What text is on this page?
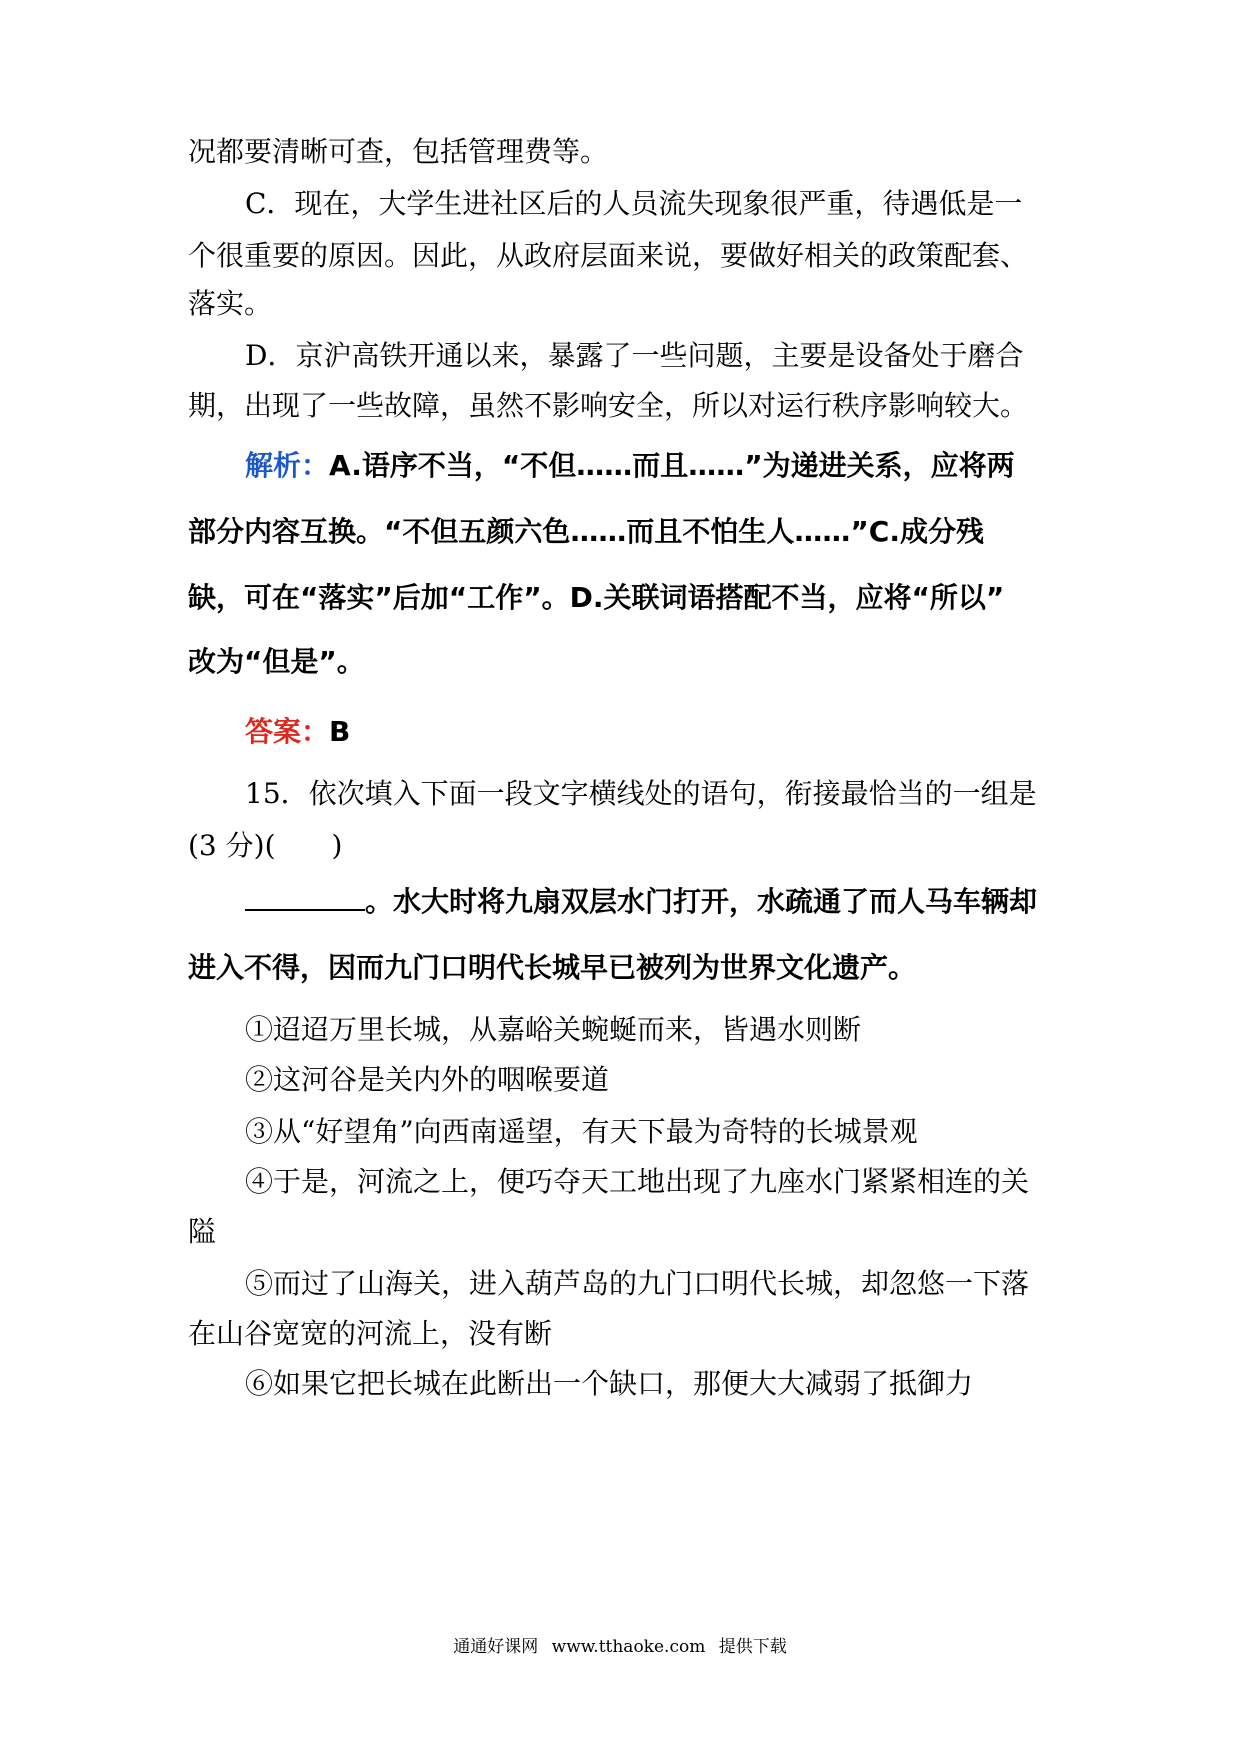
况都要清晰可查，包括管理费等。

C．现在，大学生进社区后的人员流失现象很严重，待遇低是一

个很重要的原因。因此，从政府层面来说，要做好相关的政策配套、

落实。

D．京沪高铁开通以来，暴露了一些问题，主要是设备处于磨合

期，出现了一些故障，虽然不影响安全，所以对运行秩序影响较大。

解析：A.语序不当，“不但……而且……”为递进关系，应将两

部分内容互换。“不但五颜六色……而且不怕生人……”C.成分残

缺，可在“落实”后加“工作”。D.关联词语搭配不当，应将“所以”

改为“但是”。

答案：B

15．依次填入下面一段文字横线处的语句，衔接最恰当的一组是

(3 分)(　　)

。水大时将九扇双层水门打开，水疏通了而人马车辆却

进入不得，因而九门口明代长城早已被列为世界文化遗产。

①迢迢万里长城，从嘉峪关蜿蜒而来，皆遇水则断

②这河谷是关内外的咽喉要道

③从“好望角”向西南遥望，有天下最为奇特的长城景观

④于是，河流之上，便巧夺天工地出现了九座水门紧紧相连的关

隘

⑤而过了山海关，进入葫芦岛的九门口明代长城，却忽悠一下落

在山谷宽宽的河流上，没有断

⑥如果它把长城在此断出一个缺口，那便大大减弱了抵御力

通通好课网 www.tthaoke.com 提供下载
